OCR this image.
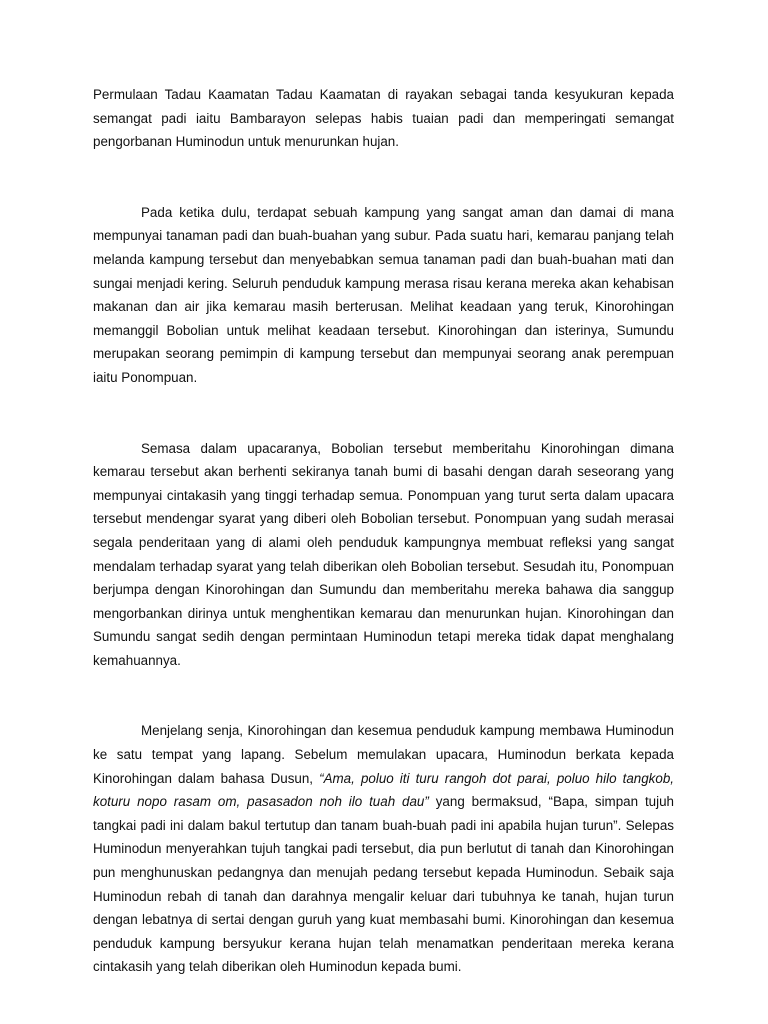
Permulaan Tadau Kaamatan Tadau Kaamatan di rayakan sebagai tanda kesyukuran kepada semangat padi iaitu Bambarayon selepas habis tuaian padi dan memperingati semangat pengorbanan Huminodun untuk menurunkan hujan.

Pada ketika dulu, terdapat sebuah kampung yang sangat aman dan damai di mana mempunyai tanaman padi dan buah-buahan yang subur. Pada suatu hari, kemarau panjang telah melanda kampung tersebut dan menyebabkan semua tanaman padi dan buah-buahan mati dan sungai menjadi kering. Seluruh penduduk kampung merasa risau kerana mereka akan kehabisan makanan dan air jika kemarau masih berterusan. Melihat keadaan yang teruk, Kinorohingan memanggil Bobolian untuk melihat keadaan tersebut. Kinorohingan dan isterinya, Sumundu merupakan seorang pemimpin di kampung tersebut dan mempunyai seorang anak perempuan iaitu Ponompuan.

Semasa dalam upacaranya, Bobolian tersebut memberitahu Kinorohingan dimana kemarau tersebut akan berhenti sekiranya tanah bumi di basahi dengan darah seseorang yang mempunyai cintakasih yang tinggi terhadap semua. Ponompuan yang turut serta dalam upacara tersebut mendengar syarat yang diberi oleh Bobolian tersebut. Ponompuan yang sudah merasai segala penderitaan yang di alami oleh penduduk kampungnya membuat refleksi yang sangat mendalam terhadap syarat yang telah diberikan oleh Bobolian tersebut. Sesudah itu, Ponompuan berjumpa dengan Kinorohingan dan Sumundu dan memberitahu mereka bahawa dia sanggup mengorbankan dirinya untuk menghentikan kemarau dan menurunkan hujan. Kinorohingan dan Sumundu sangat sedih dengan permintaan Huminodun tetapi mereka tidak dapat menghalang kemahuannya.

Menjelang senja, Kinorohingan dan kesemua penduduk kampung membawa Huminodun ke satu tempat yang lapang. Sebelum memulakan upacara, Huminodun berkata kepada Kinorohingan dalam bahasa Dusun, “Ama, poluo iti turu rangoh dot parai, poluo hilo tangkob, koturu nopo rasam om, pasasadon noh ilo tuah dau” yang bermaksud, “Bapa, simpan tujuh tangkai padi ini dalam bakul tertutup dan tanam buah-buah padi ini apabila hujan turun”. Selepas Huminodun menyerahkan tujuh tangkai padi tersebut, dia pun berlutut di tanah dan Kinorohingan pun menghunuskan pedangnya dan menujah pedang tersebut kepada Huminodun. Sebaik saja Huminodun rebah di tanah dan darahnya mengalir keluar dari tubuhnya ke tanah, hujan turun dengan lebatnya di sertai dengan guruh yang kuat membasahi bumi. Kinorohingan dan kesemua penduduk kampung bersyukur kerana hujan telah menamatkan penderitaan mereka kerana cintakasih yang telah diberikan oleh Huminodun kepada bumi.
